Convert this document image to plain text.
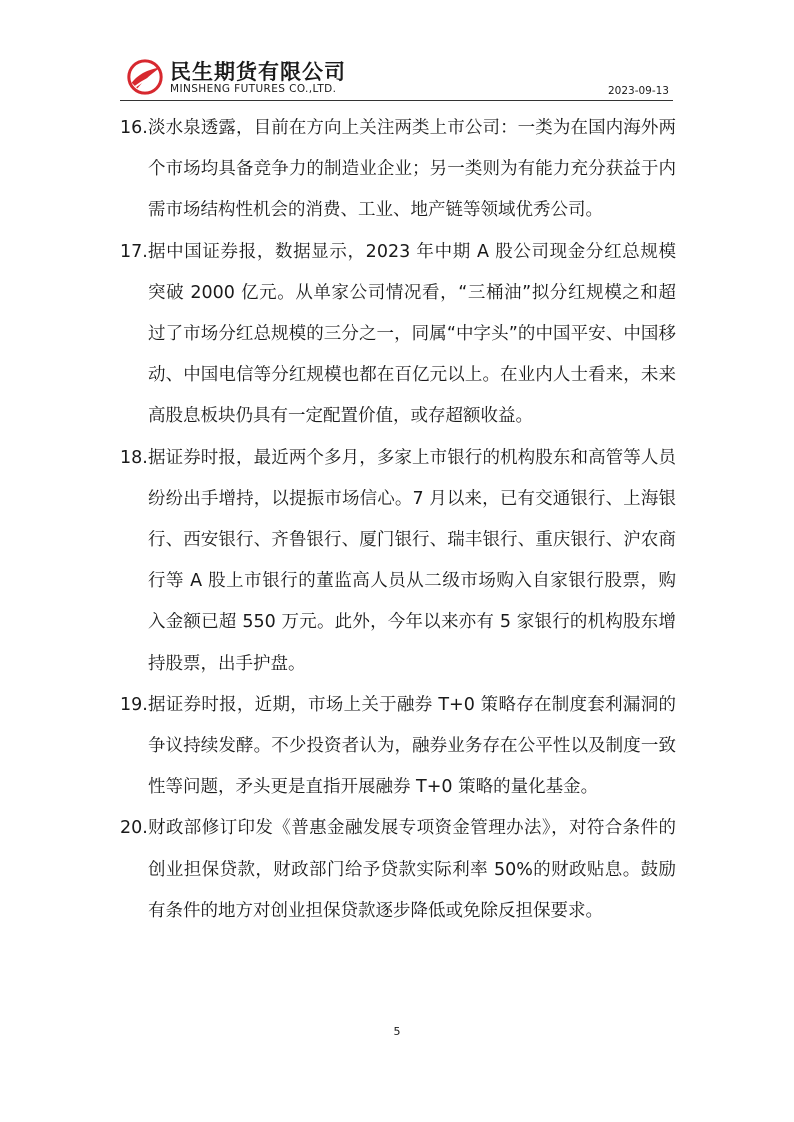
民生期货有限公司
MINSHENG FUTURES CO.,LTD.	2023-09-13
16. 淡水泉透露，目前在方向上关注两类上市公司：一类为在国内海外两个市场均具备竞争力的制造业企业；另一类则为有能力充分获益于内需市场结构性机会的消费、工业、地产链等领域优秀公司。
17. 据中国证券报，数据显示，2023 年中期 A 股公司现金分红总规模突破 2000 亿元。从单家公司情况看，“三桶油”拟分红规模之和超过了市场分红总规模的三分之一，同属“中字头”的中国平安、中国移动、中国电信等分红规模也都在百亿元以上。在业内人士看来，未来高股息板块仍具有一定配置价值，或存超额收益。
18. 据证券时报，最近两个多月，多家上市银行的机构股东和高管等人员纷纷出手增持，以提振市场信心。7 月以来，已有交通银行、上海银行、西安银行、齐鲁银行、厦门银行、瑞丰银行、重庆银行、沪农商行等 A 股上市银行的董监高人员从二级市场购入自家银行股票，购入金额已超 550 万元。此外，今年以来亦有 5 家银行的机构股东增持股票，出手护盘。
19. 据证券时报，近期，市场上关于融券 T+0 策略存在制度套利漏洞的争议持续发酵。不少投资者认为，融券业务存在公平性以及制度一致性等问题，矛头更是直指开展融券 T+0 策略的量化基金。
20. 财政部修订印发《普惠金融发展专项资金管理办法》，对符合条件的创业担保贷款，财政部门给予贷款实际利率 50%的财政贴息。鼓励有条件的地方对创业担保贷款逐步降低或免除反担保要求。
5
